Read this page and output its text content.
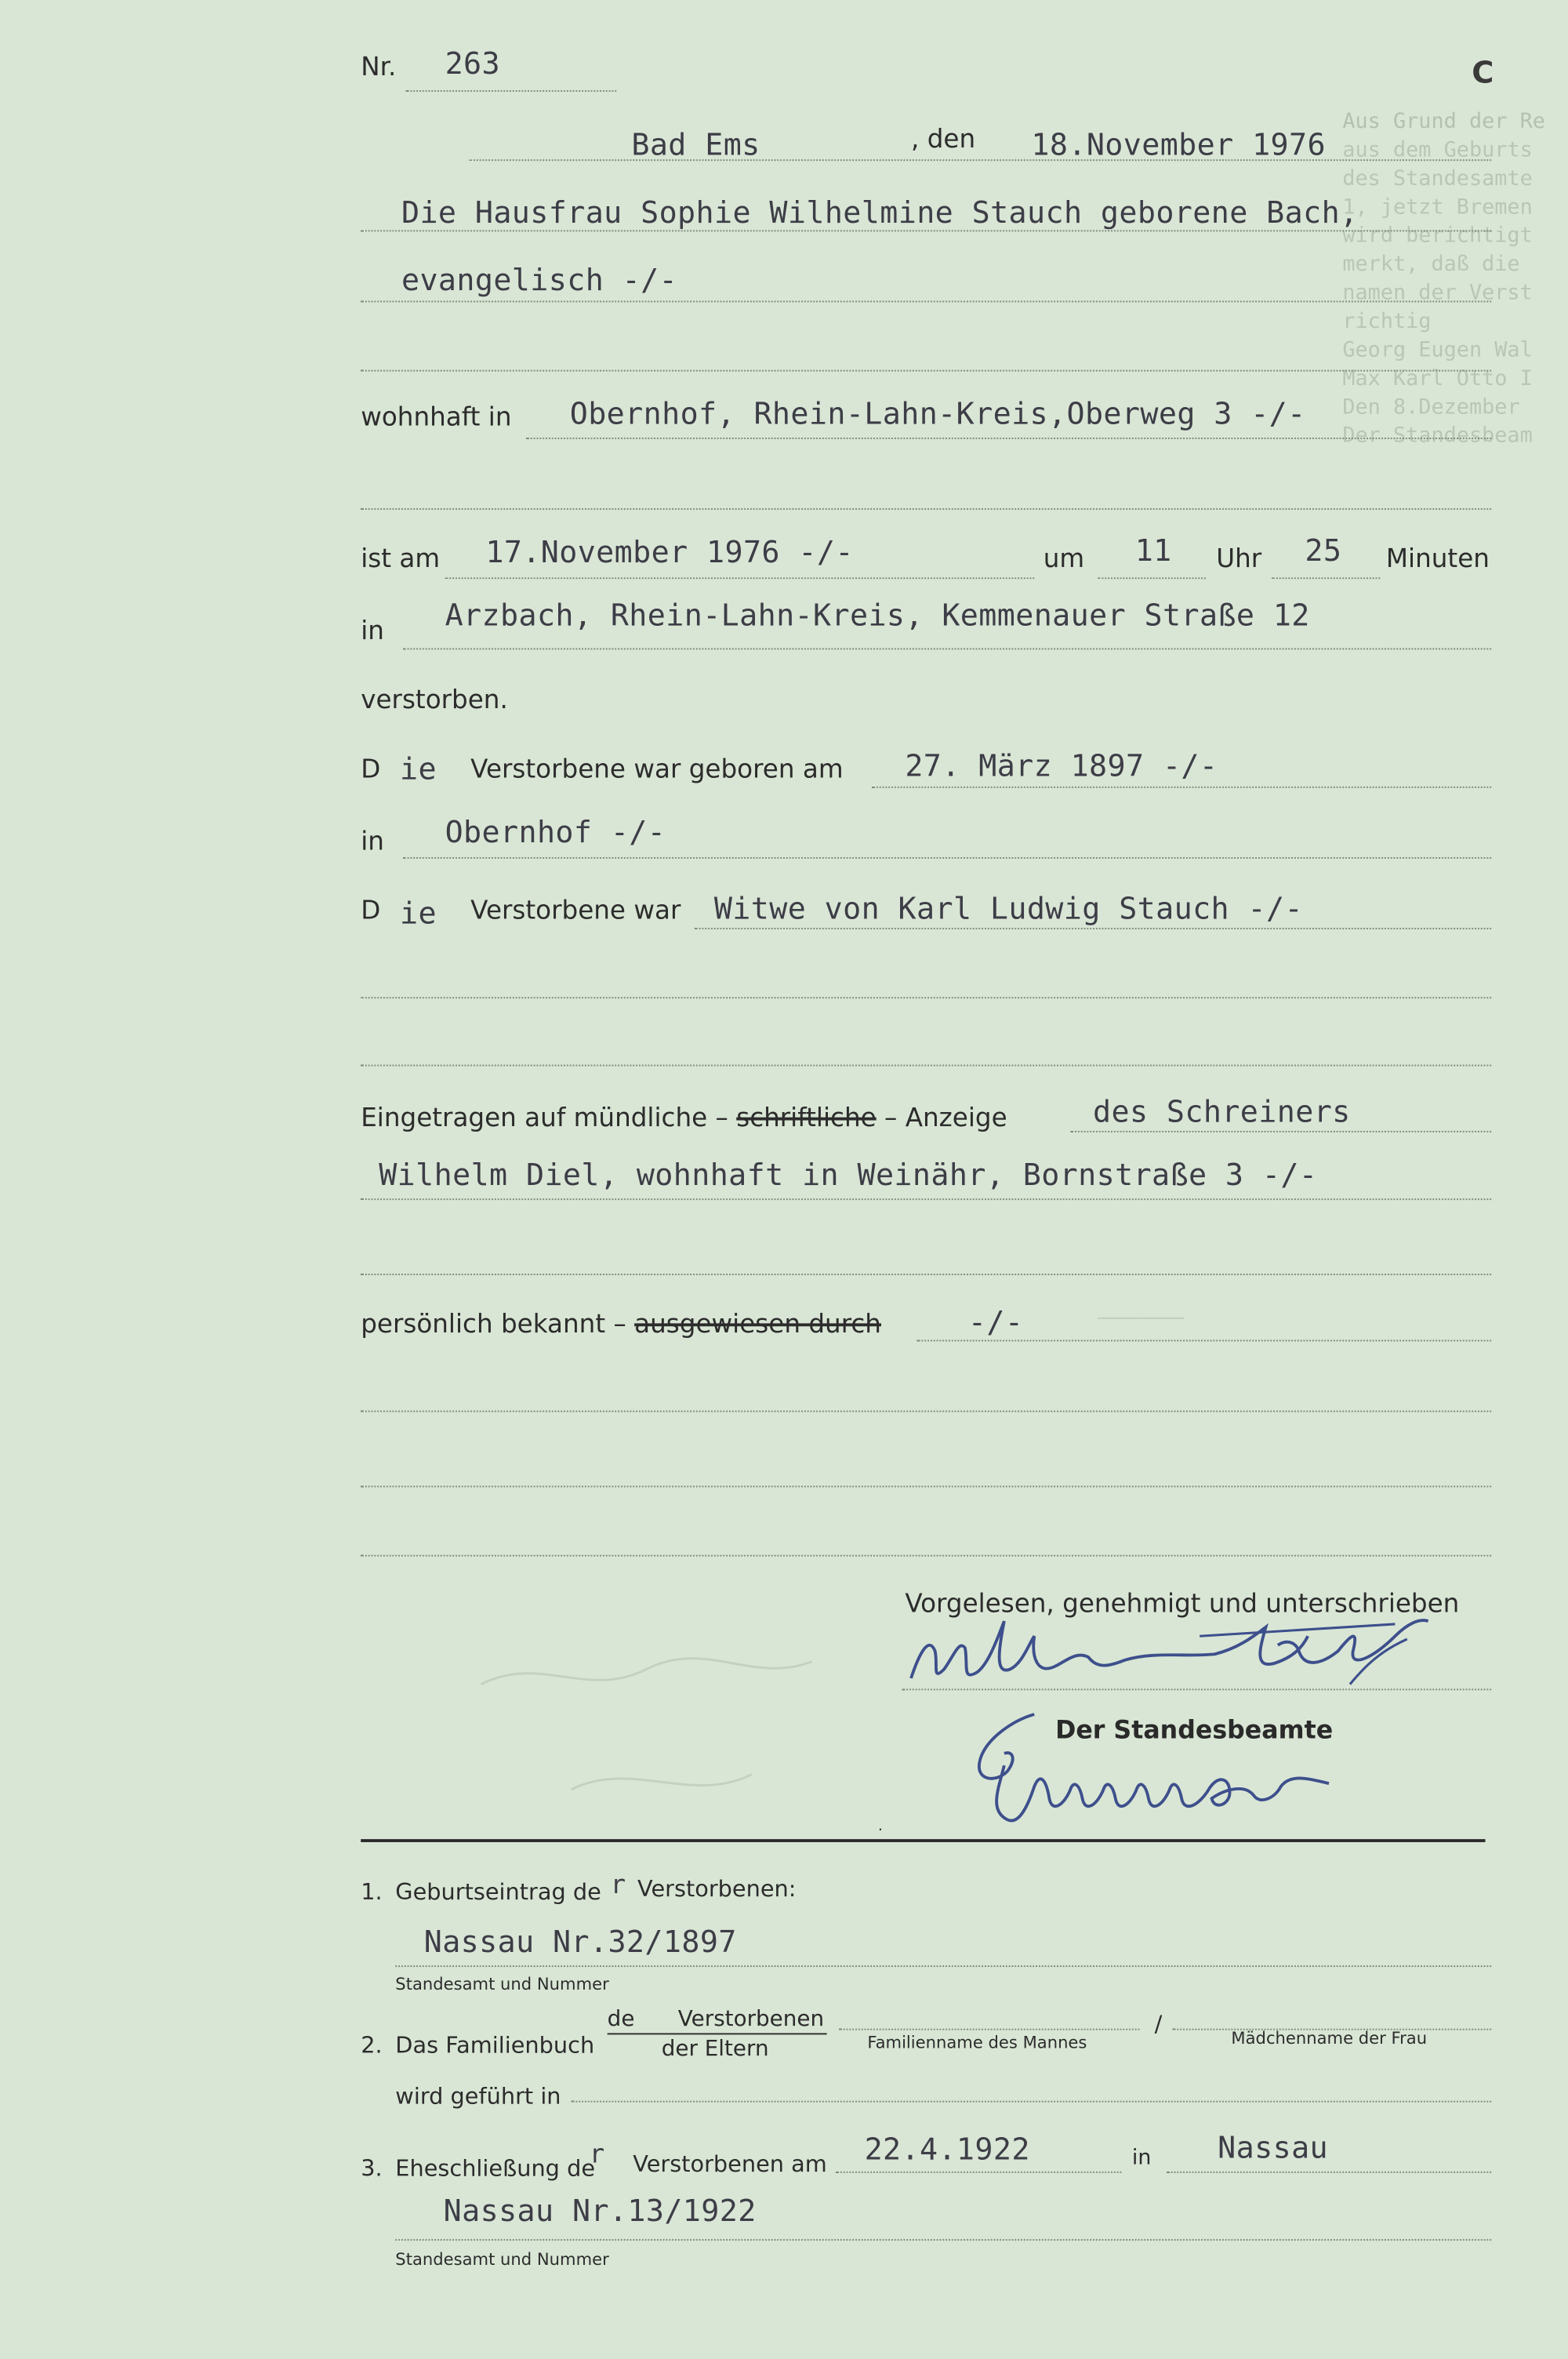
Aus Grund der Re
aus dem Geburts
des Standesamte
1, jetzt Bremen
wird berichtigt
merkt, daß die
namen der Verst
richtig
Georg Eugen Wal
Max Karl Otto I
Den 8.Dezember
Der Standesbeam
Nr.	263	C
Bad Ems	, den	18.November 1976
Die Hausfrau Sophie Wilhelmine Stauch geborene Bach,
evangelisch -/-
wohnhaft in	Obernhof, Rhein-Lahn-Kreis,Oberweg 3 -/-
ist am	17.November 1976 -/-	um	11	Uhr	25	Minuten
in	Arzbach, Rhein-Lahn-Kreis, Kemmenauer Straße 12
verstorben.
D ie	Verstorbene war geboren am	27. März 1897 -/-
in	Obernhof -/-
D ie	Verstorbene war Witwe von Karl Ludwig Stauch -/-
Eingetragen auf mündliche – schriftliche – Anzeige	des Schreiners
Wilhelm Diel, wohnhaft in Weinähr, Bornstraße 3 -/-
persönlich bekannt – ausgewiesen durch	-/-	––––––
Vorgelesen, genehmigt und unterschrieben
Der Standesbeamte
·
1. Geburtseintrag de r Verstorbenen:
Nassau Nr.32/1897
Standesamt und Nummer
2. Das Familienbuch
de	Verstorbenen
der Eltern
/
Familienname des Mannes	Mädchenname der Frau
wird geführt in
3. Eheschließung de
r Verstorbenen am 22.4.1922	in	Nassau
Nassau Nr.13/1922
Standesamt und Nummer
